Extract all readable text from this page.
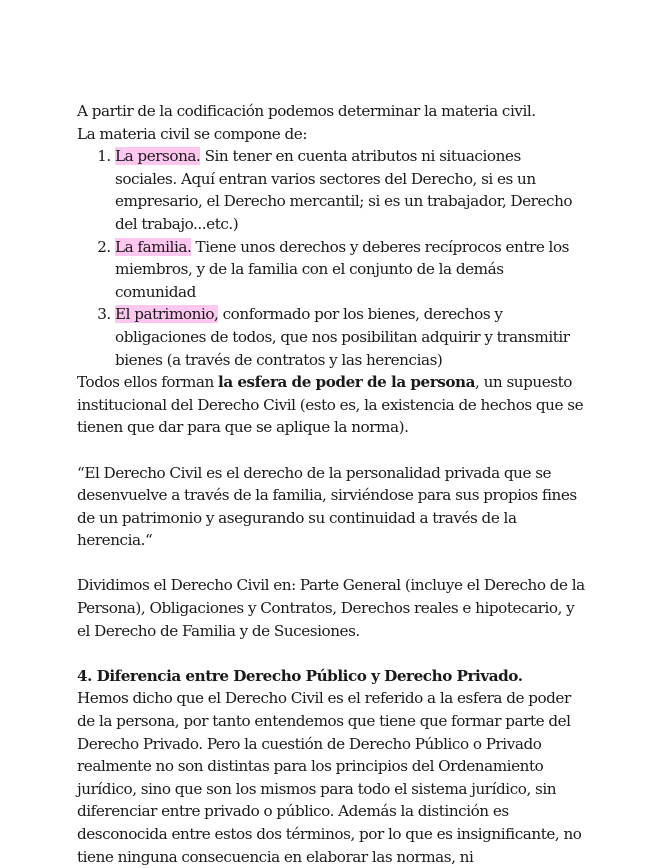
A partir de la codificación podemos determinar la materia civil.

La materia civil se compone de:

1. La persona. Sin tener en cuenta atributos ni situaciones sociales. Aquí entran varios sectores del Derecho, si es un empresario, el Derecho mercantil; si es un trabajador, Derecho del trabajo...etc.)
2. La familia. Tiene unos derechos y deberes recíprocos entre los miembros, y de la familia con el conjunto de la demás comunidad
3. El patrimonio, conformado por los bienes, derechos y obligaciones de todos, que nos posibilitan adquirir y transmitir bienes (a través de contratos y las herencias)

Todos ellos forman la esfera de poder de la persona, un supuesto institucional del Derecho Civil (esto es, la existencia de hechos que se tienen que dar para que se aplique la norma).

“El Derecho Civil es el derecho de la personalidad privada que se desenvuelve a través de la familia, sirviéndose para sus propios fines de un patrimonio y asegurando su continuidad a través de la herencia.“

Dividimos el Derecho Civil en: Parte General (incluye el Derecho de la Persona), Obligaciones y Contratos, Derechos reales e hipotecario, y el Derecho de Familia y de Sucesiones.

4. Diferencia entre Derecho Público y Derecho Privado.

Hemos dicho que el Derecho Civil es el referido a la esfera de poder de la persona, por tanto entendemos que tiene que formar parte del Derecho Privado. Pero la cuestión de Derecho Público o Privado realmente no son distintas para los principios del Ordenamiento jurídico, sino que son los mismos para todo el sistema jurídico, sin diferenciar entre privado o público. Además la distinción es desconocida entre estos dos términos, por lo que es insignificante, no tiene ninguna consecuencia en elaborar las normas, ni
